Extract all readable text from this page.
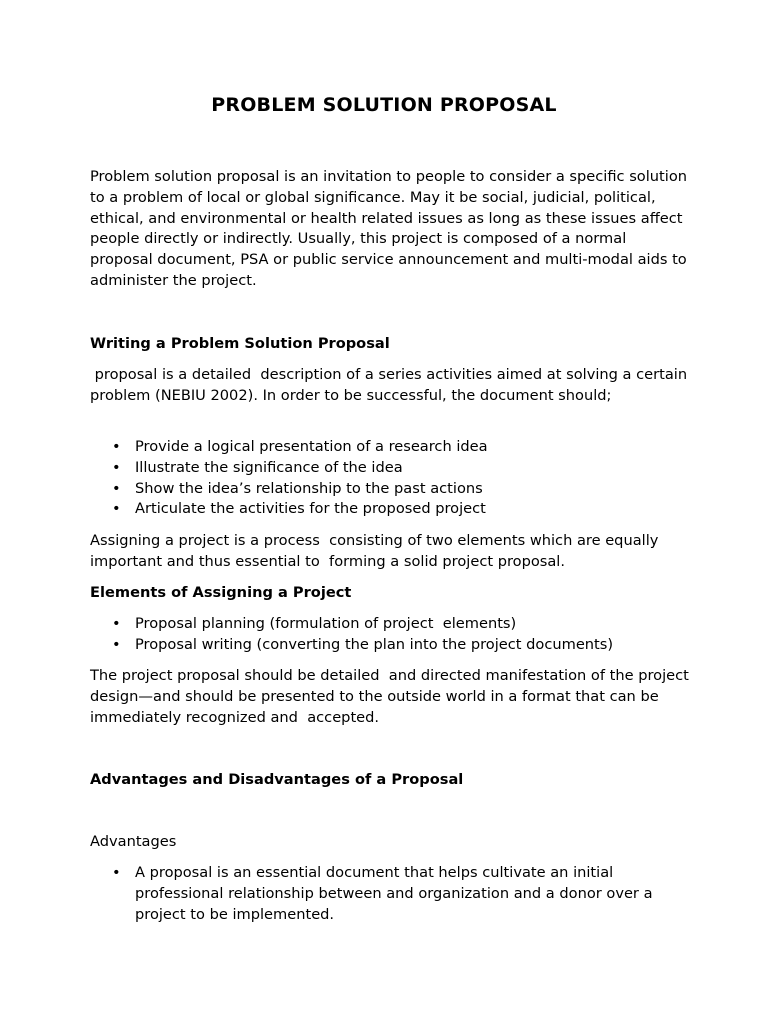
PROBLEM SOLUTION PROPOSAL

Problem solution proposal is an invitation to people to consider a specific solution to a problem of local or global significance. May it be social, judicial, political, ethical, and environmental or health related issues as long as these issues affect people directly or indirectly. Usually, this project is composed of a normal proposal document, PSA or public service announcement and multi-modal aids to administer the project.

Writing a Problem Solution Proposal

proposal is a detailed  description of a series activities aimed at solving a certain problem (NEBIU 2002). In order to be successful, the document should;

• Provide a logical presentation of a research idea
• Illustrate the significance of the idea
• Show the idea’s relationship to the past actions
• Articulate the activities for the proposed project

Assigning a project is a process  consisting of two elements which are equally important and thus essential to  forming a solid project proposal.

Elements of Assigning a Project

• Proposal planning (formulation of project  elements)
• Proposal writing (converting the plan into the project documents)

The project proposal should be detailed  and directed manifestation of the project design—and should be presented to the outside world in a format that can be immediately recognized and  accepted.

Advantages and Disadvantages of a Proposal

Advantages

• A proposal is an essential document that helps cultivate an initial professional relationship between and organization and a donor over a project to be implemented.
